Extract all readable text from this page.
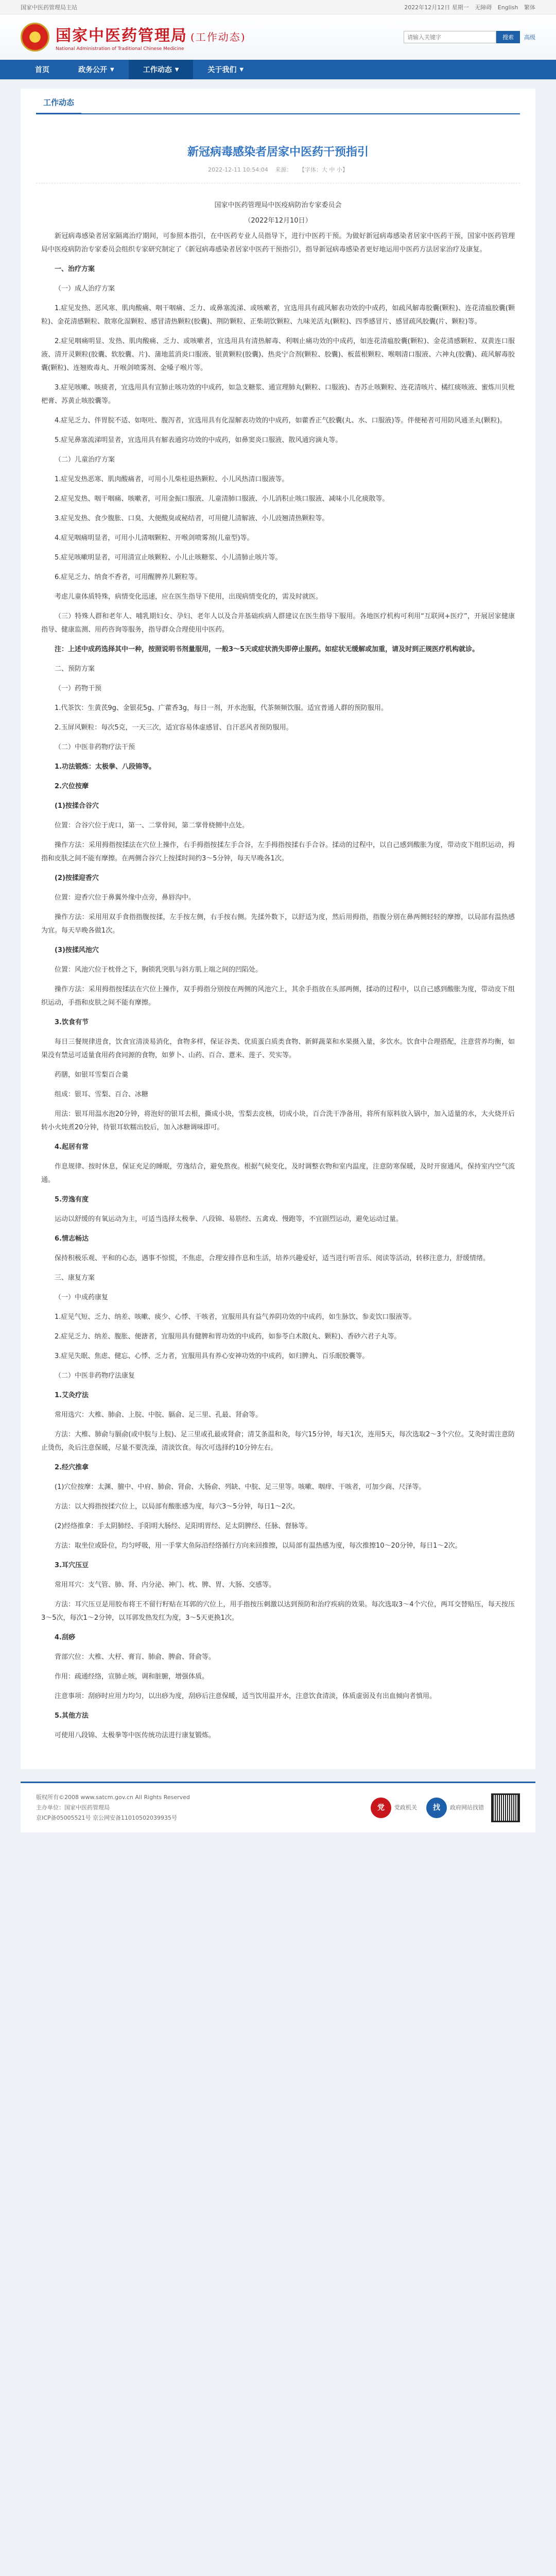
国家中医药管理局主站	2022年12月12日 星期一 无障碍 English 繁体
★	国家中医药管理局 (工作动态)
National Administration of Traditional Chinese Medicine
请输入关键字
搜索	高级
首页	政务公开 ▼	工作动态 ▼	关于我们 ▼
工作动态
新冠病毒感染者居家中医药干预指引
2022-12-11 10:54:04 来源： 【字体：大 中 小】

国家中医药管理局中医疫病防治专家委员会

（2022年12月10日）

新冠病毒感染者居家隔离治疗期间，可参照本指引，在中医药专业人员指导下，进行中医药干预。为做好新冠病毒感染者居家中医药干预，国家中医药管理局中医疫病防治专家委员会组织专家研究制定了《新冠病毒感染者居家中医药干预指引》，指导新冠病毒感染者更好地运用中医药方法居家治疗及康复。

一、治疗方案

（一）成人治疗方案

1.症见发热、恶风寒、肌肉酸痛、咽干咽痛、乏力、或鼻塞流涕、或咳嗽者，宜选用具有疏风解表功效的中成药，如疏风解毒胶囊(颗粒)、连花清瘟胶囊(颗粒)、金花清感颗粒、散寒化湿颗粒、感冒清热颗粒(胶囊)、荆防颗粒、正柴胡饮颗粒、九味羌活丸(颗粒)、四季感冒片、感冒疏风胶囊(片、颗粒)等。

2.症见咽痛明显、发热、肌肉酸痛、乏力、或咳嗽者，宜选用具有清热解毒、利咽止痛功效的中成药，如连花清瘟胶囊(颗粒)、金花清感颗粒、双黄连口服液、清开灵颗粒(胶囊、软胶囊、片)、蒲地蓝消炎口服液、银黄颗粒(胶囊)、热炎宁合剂(颗粒、胶囊)、板蓝根颗粒、喉咽清口服液、六神丸(胶囊)、疏风解毒胶囊(颗粒)、连翘败毒丸、开喉剑喷雾剂、金嗓子喉片等。

3.症见咳嗽、咳痰者，宜选用具有宣肺止咳功效的中成药，如急支糖浆、通宣理肺丸(颗粒、口服液)、杏苏止咳颗粒、连花清咳片、橘红痰咳液、蜜炼川贝枇杷膏、苏黄止咳胶囊等。

4.症见乏力、伴胃脘不适、如呕吐、腹泻者，宜选用具有化湿解表功效的中成药，如藿香正气胶囊(丸、水、口服液)等。伴便秘者可用防风通圣丸(颗粒)。

5.症见鼻塞流涕明显者，宜选用具有解表通窍功效的中成药，如鼻窦炎口服液、散风通窍滴丸等。

（二）儿童治疗方案

1.症见发热恶寒、肌肉酸痛者，可用小儿柴桂退热颗粒、小儿风热清口服液等。

2.症见发热、咽干咽痛、咳嗽者，可用金振口服液、儿童清肺口服液、小儿消积止咳口服液、减味小儿化痰散等。

3.症见发热、食少腹胀、口臭、大便酸臭或秘结者，可用健儿清解液、小儿豉翘清热颗粒等。

4.症见咽痛明显者，可用小儿清咽颗粒、开喉剑喷雾剂(儿童型)等。

5.症见咳嗽明显者，可用清宣止咳颗粒、小儿止咳糖浆、小儿清肺止咳片等。

6.症见乏力、纳食不香者，可用醒脾养儿颗粒等。

考虑儿童体质特殊，病情变化迅速，应在医生指导下使用，出现病情变化的，需及时就医。

（三）特殊人群和老年人、哺乳期妇女、孕妇、老年人以及合并基础疾病人群建议在医生指导下服用。各地医疗机构可利用“互联网+医疗”，开展居家健康指导、健康监测、用药咨询等服务，指导群众合理使用中医药。

注：上述中成药选择其中一种，按照说明书剂量服用，一般3～5天或症状消失即停止服药。如症状无缓解或加重，请及时到正规医疗机构就诊。

二、预防方案

（一）药物干预

1.代茶饮：生黄芪9g、金银花5g、广藿香3g，每日一剂，开水泡服，代茶频频饮服。适宜普通人群的预防服用。

2.玉屏风颗粒：每次5克，一天三次，适宜容易体虚感冒、自汗恶风者预防服用。

（二）中医非药物疗法干预

1.功法锻炼：太极拳、八段锦等。

2.穴位按摩

(1)按揉合谷穴

位置：合谷穴位于虎口，第一、二掌骨间，第二掌骨桡侧中点处。

操作方法：采用拇指按揉法在穴位上操作，右手拇指按揉左手合谷，左手拇指按揉右手合谷。揉动的过程中，以自己感到酸胀为度，带动皮下组织运动，拇指和皮肤之间不能有摩擦。在两侧合谷穴上按揉时间约3～5分钟，每天早晚各1次。

(2)按揉迎香穴

位置：迎香穴位于鼻翼外缘中点旁，鼻唇沟中。

操作方法：采用用双手食指指腹按揉，左手按左侧，右手按右侧。先揉外数下，以舒适为度，然后用拇指，指腹分别在鼻两侧轻轻的摩擦，以局部有温热感为宜。每天早晚各做1次。

(3)按揉风池穴

位置：风池穴位于枕骨之下，胸锁乳突肌与斜方肌上端之间的凹陷处。

操作方法：采用拇指按揉法在穴位上操作，双手拇指分别按在两侧的风池穴上，其余手指放在头部两侧，揉动的过程中，以自己感到酸胀为度，带动皮下组织运动，手指和皮肤之间不能有摩擦。

3.饮食有节

每日三餐规律进食，饮食宜清淡易消化，食物多样，保证谷类、优质蛋白质类食物、新鲜蔬菜和水果摄入量，多饮水。饮食中合理搭配，注意营养均衡，如果没有禁忌可适量食用药食同源的食物，如萝卜、山药、百合、薏米、莲子、芡实等。

药膳，如银耳雪梨百合羹

组成：银耳、雪梨、百合、冰糖

用法：银耳用温水泡20分钟，将泡好的银耳去根，撕成小块，雪梨去皮核，切成小块，百合洗干净备用，将所有原料放入锅中，加入适量的水，大火烧开后转小火炖煮20分钟，待银耳软糯出胶后，加入冰糖调味即可。

4.起居有常

作息规律、按时休息，保证充足的睡眠，劳逸结合，避免熬夜。根据气候变化，及时调整衣物和室内温度，注意防寒保暖，及时开窗通风，保持室内空气流通。

5.劳逸有度

运动以舒缓的有氧运动为主，可适当选择太极拳、八段锦、易筋经、五禽戏、慢跑等，不宜剧烈运动，避免运动过量。

6.情志畅达

保持积极乐观、平和的心态，遇事不惊慌，不焦虑，合理安排作息和生活，培养兴趣爱好，适当进行听音乐、阅读等活动，转移注意力，舒缓情绪。

三、康复方案

（一）中成药康复

1.症见气短、乏力、纳差、咳嗽、痰少、心悸、干咳者，宜服用具有益气养阴功效的中成药，如生脉饮、参麦饮口服液等。

2.症见乏力、纳差、腹胀、便溏者，宜服用具有健脾和胃功效的中成药，如参苓白术散(丸、颗粒)、香砂六君子丸等。

3.症见失眠、焦虑、健忘、心悸、乏力者，宜服用具有养心安神功效的中成药，如归脾丸、百乐眠胶囊等。

（二）中医非药物疗法康复

1.艾灸疗法

常用选穴：大椎、肺俞、上脘、中脘、膈俞、足三里、孔最、肾俞等。

方法：大椎、肺俞与膈俞(或中脘与上脘)、足三里或孔最或肾俞；清艾条温和灸，每穴15分钟，每天1次，连用5天，每次选取2～3个穴位。艾灸时需注意防止烫伤，灸后注意保暖，尽量不要洗澡，清淡饮食。每次可选择约10分钟左右。

2.经穴推拿

(1)穴位按摩：太渊、膻中、中府、肺俞、肾俞、大肠俞、列缺、中脘、足三里等。咳嗽、咽痒、干咳者，可加少商、尺泽等。

方法：以大拇指按揉穴位上，以局部有酸胀感为度，每穴3～5分钟，每日1～2次。

(2)经络推拿：手太阴肺经、手阳明大肠经、足阳明胃经、足太阴脾经、任脉、督脉等。

方法：取坐位或卧位，均匀呼吸，用一手掌大鱼际沿经络循行方向来回推擦，以局部有温热感为度，每次推擦10～20分钟，每日1～2次。

3.耳穴压豆

常用耳穴：支气管、肺、肾、内分泌、神门、枕、脾、胃、大肠、交感等。

方法：耳穴压豆是用胶布将王不留行籽贴在耳郭的穴位上，用手指按压刺激以达到预防和治疗疾病的效果。每次选取3～4个穴位，两耳交替贴压，每天按压3～5次，每次1～2分钟，以耳郭发热发红为度，3～5天更换1次。

4.刮痧

背部穴位：大椎、大杼、膏肓、肺俞、脾俞、肾俞等。

作用：疏通经络，宣肺止咳，调和脏腑，增强体质。

注意事项：刮痧时应用力均匀，以出痧为度，刮痧后注意保暖，适当饮用温开水，注意饮食清淡，体质虚弱及有出血倾向者慎用。

5.其他方法

可使用八段锦、太极拳等中医传统功法进行康复锻炼。

版权所有©2008 www.satcm.gov.cn All Rights Reserved
主办单位：国家中医药管理局
京ICP备05005521号 京公网安备11010502039935号
党	党政机关	找	政府网站找错
